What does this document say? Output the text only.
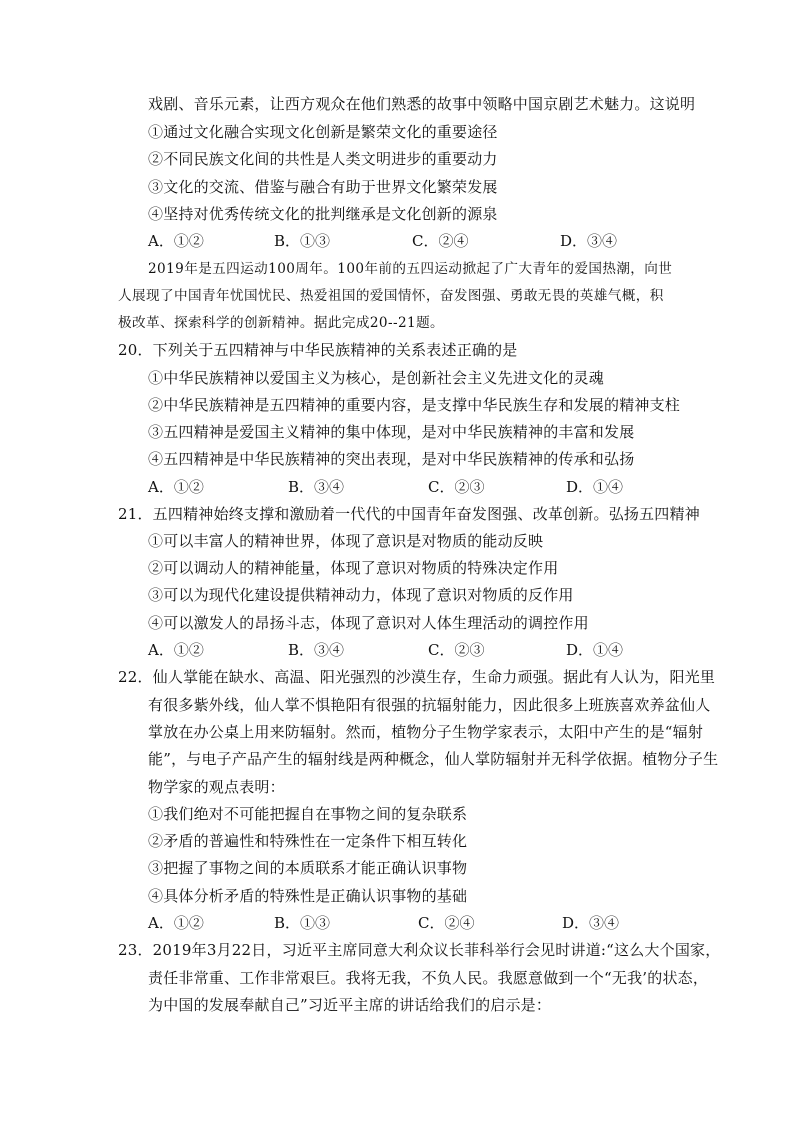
戏剧、音乐元素，让西方观众在他们熟悉的故事中领略中国京剧艺术魅力。这说明
①通过文化融合实现文化创新是繁荣文化的重要途径
②不同民族文化间的共性是人类文明进步的重要动力
③文化的交流、借鉴与融合有助于世界文化繁荣发展
④坚持对优秀传统文化的批判继承是文化创新的源泉
A．①②	B．①③	C．②④	D．③④
2019年是五四运动100周年。100年前的五四运动掀起了广大青年的爱国热潮，向世
人展现了中国青年忧国忧民、热爱祖国的爱国情怀，奋发图强、勇敢无畏的英雄气概，积
极改革、探索科学的创新精神。据此完成20--21题。
20．下列关于五四精神与中华民族精神的关系表述正确的是
①中华民族精神以爱国主义为核心，是创新社会主义先进文化的灵魂
②中华民族精神是五四精神的重要内容，是支撑中华民族生存和发展的精神支柱
③五四精神是爱国主义精神的集中体现，是对中华民族精神的丰富和发展
④五四精神是中华民族精神的突出表现，是对中华民族精神的传承和弘扬
A．①②	B．③④	C．②③	D．①④
21．五四精神始终支撑和激励着一代代的中国青年奋发图强、改革创新。弘扬五四精神
①可以丰富人的精神世界，体现了意识是对物质的能动反映
②可以调动人的精神能量，体现了意识对物质的特殊决定作用
③可以为现代化建设提供精神动力，体现了意识对物质的反作用
④可以激发人的昂扬斗志，体现了意识对人体生理活动的调控作用
A．①②	B．③④	C．②③	D．①④
22．仙人掌能在缺水、高温、阳光强烈的沙漠生存，生命力顽强。据此有人认为，阳光里
有很多紫外线，仙人掌不惧艳阳有很强的抗辐射能力，因此很多上班族喜欢养盆仙人
掌放在办公桌上用来防辐射。然而，植物分子生物学家表示，太阳中产生的是“辐射
能”，与电子产品产生的辐射线是两种概念，仙人掌防辐射并无科学依据。植物分子生
物学家的观点表明：
①我们绝对不可能把握自在事物之间的复杂联系
②矛盾的普遍性和特殊性在一定条件下相互转化
③把握了事物之间的本质联系才能正确认识事物
④具体分析矛盾的特殊性是正确认识事物的基础
A．①②	B．①③	C．②④	D．③④
23．2019年3月22日，习近平主席同意大利众议长菲科举行会见时讲道:“这么大个国家，
责任非常重、工作非常艰巨。我将无我，不负人民。我愿意做到一个“无我’的状态，
为中国的发展奉献自己”习近平主席的讲话给我们的启示是：
